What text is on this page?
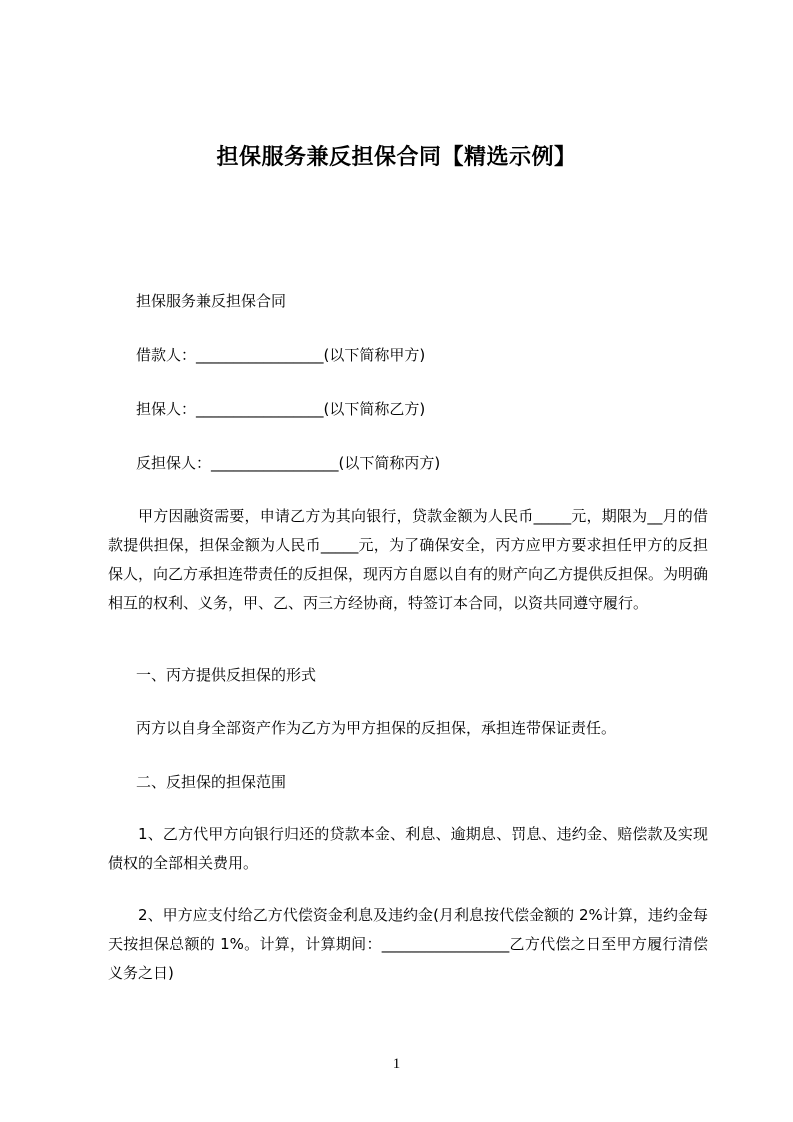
担保服务兼反担保合同【精选示例】
担保服务兼反担保合同
借款人：_________________(以下简称甲方)
担保人：_________________(以下简称乙方)
反担保人：_________________(以下简称丙方)
甲方因融资需要，申请乙方为其向银行，贷款金额为人民币_____元，期限为__月的借款提供担保，担保金额为人民币_____元，为了确保安全，丙方应甲方要求担任甲方的反担保人，向乙方承担连带责任的反担保，现丙方自愿以自有的财产向乙方提供反担保。为明确相互的权利、义务，甲、乙、丙三方经协商，特签订本合同，以资共同遵守履行。
一、丙方提供反担保的形式
丙方以自身全部资产作为乙方为甲方担保的反担保，承担连带保证责任。
二、反担保的担保范围
1、乙方代甲方向银行归还的贷款本金、利息、逾期息、罚息、违约金、赔偿款及实现债权的全部相关费用。
2、甲方应支付给乙方代偿资金利息及违约金(月利息按代偿金额的 2%计算，违约金每天按担保总额的 1%。计算，计算期间：_________________乙方代偿之日至甲方履行清偿义务之日)
1
